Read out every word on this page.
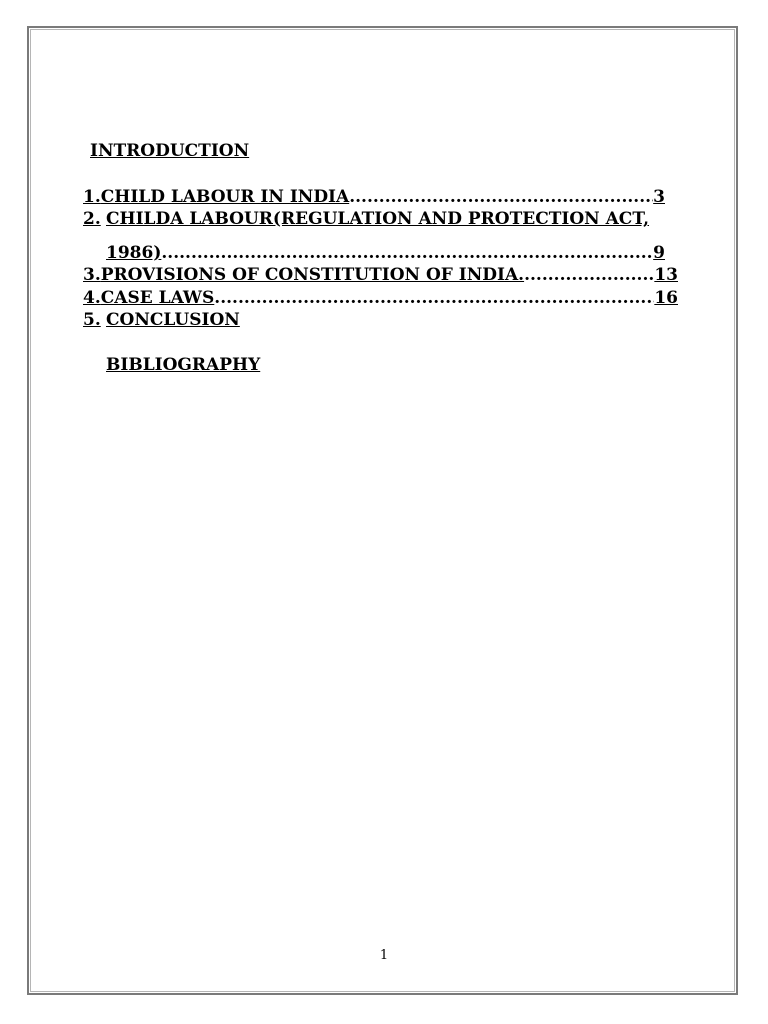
INTRODUCTION

1. CHILD LABOUR IN INDIA .....	3
2. CHILDA LABOUR(REGULATION AND PROTECTION ACT,
1986) .....	9
3. PROVISIONS OF CONSTITUTION OF INDIA. .....	13
4. CASE LAWS .....	16
5. CONCLUSION

BIBLIOGRAPHY

1
